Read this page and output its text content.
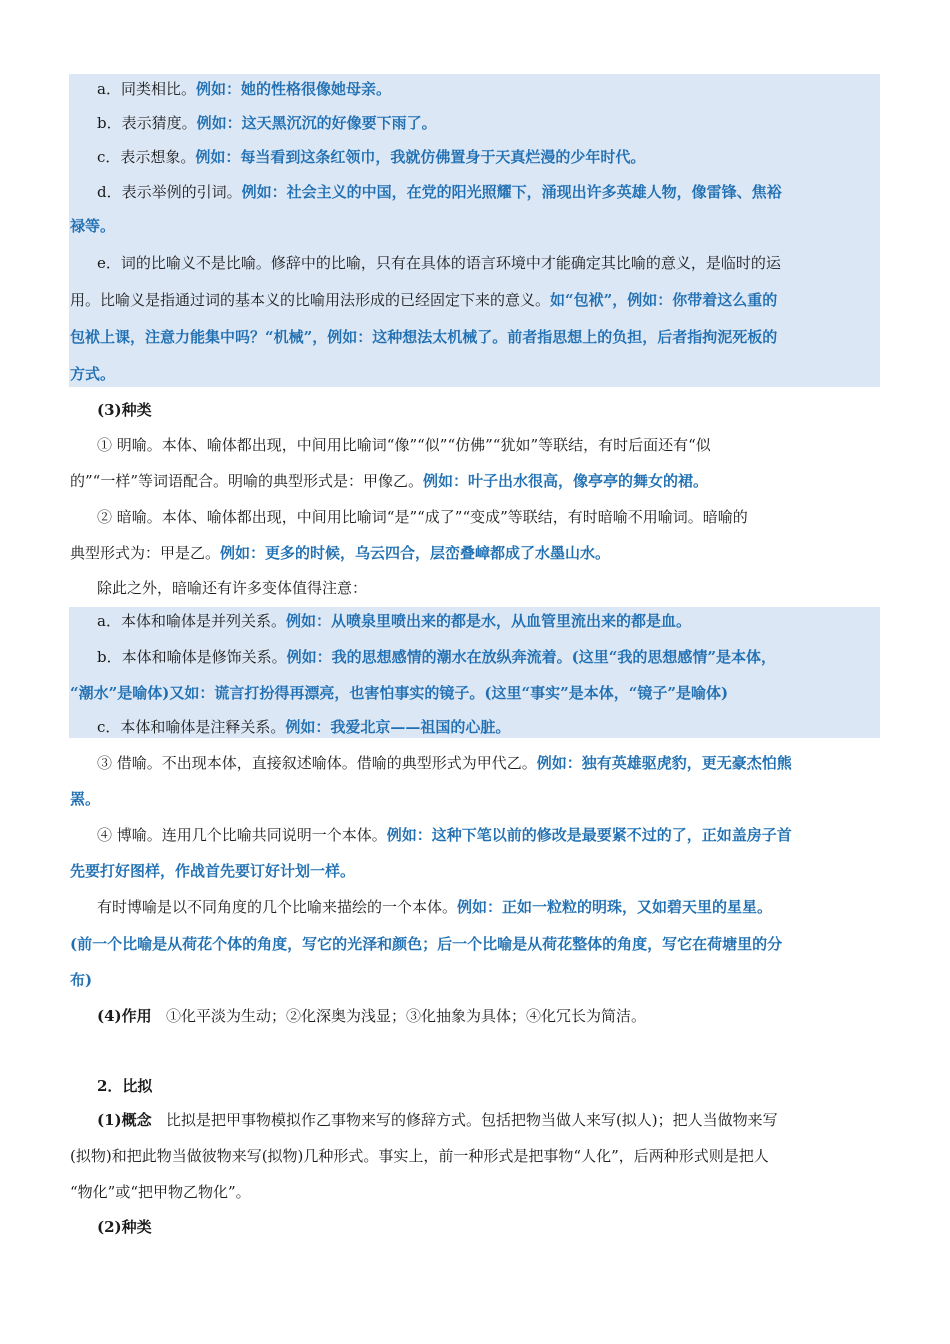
a．同类相比。例如：她的性格很像她母亲。
b．表示猜度。例如：这天黑沉沉的好像要下雨了。
c．表示想象。例如：每当看到这条红领巾，我就仿佛置身于天真烂漫的少年时代。
d．表示举例的引词。例如：社会主义的中国，在党的阳光照耀下，涌现出许多英雄人物，像雷锋、焦裕
禄等。
e．词的比喻义不是比喻。修辞中的比喻，只有在具体的语言环境中才能确定其比喻的意义，是临时的运
用。比喻义是指通过词的基本义的比喻用法形成的已经固定下来的意义。如“包袱”，例如：你带着这么重的
包袱上课，注意力能集中吗？“机械”，例如：这种想法太机械了。前者指思想上的负担，后者指拘泥死板的
方式。
(3)种类
① 明喻。本体、喻体都出现，中间用比喻词“像”“似”“仿佛”“犹如”等联结，有时后面还有“似
的”“一样”等词语配合。明喻的典型形式是：甲像乙。例如：叶子出水很高，像亭亭的舞女的裙。
② 暗喻。本体、喻体都出现，中间用比喻词“是”“成了”“变成”等联结，有时暗喻不用喻词。暗喻的
典型形式为：甲是乙。例如：更多的时候，乌云四合，层峦叠嶂都成了水墨山水。
除此之外，暗喻还有许多变体值得注意：
a．本体和喻体是并列关系。例如：从喷泉里喷出来的都是水，从血管里流出来的都是血。
b．本体和喻体是修饰关系。例如：我的思想感情的潮水在放纵奔流着。(这里“我的思想感情”是本体，
“潮水”是喻体)又如：谎言打扮得再漂亮，也害怕事实的镜子。(这里“事实”是本体，“镜子”是喻体)
c．本体和喻体是注释关系。例如：我爱北京——祖国的心脏。
③ 借喻。不出现本体，直接叙述喻体。借喻的典型形式为甲代乙。例如：独有英雄驱虎豹，更无豪杰怕熊
罴。
④ 博喻。连用几个比喻共同说明一个本体。例如：这种下笔以前的修改是最要紧不过的了，正如盖房子首
先要打好图样，作战首先要订好计划一样。
有时博喻是以不同角度的几个比喻来描绘的一个本体。例如：正如一粒粒的明珠，又如碧天里的星星。
(前一个比喻是从荷花个体的角度，写它的光泽和颜色；后一个比喻是从荷花整体的角度，写它在荷塘里的分
布)
(4)作用 ①化平淡为生动；②化深奥为浅显；③化抽象为具体；④化冗长为简洁。
2．比拟
(1)概念 比拟是把甲事物模拟作乙事物来写的修辞方式。包括把物当做人来写(拟人)；把人当做物来写
(拟物)和把此物当做彼物来写(拟物)几种形式。事实上，前一种形式是把事物“人化”，后两种形式则是把人
“物化”或“把甲物乙物化”。
(2)种类
